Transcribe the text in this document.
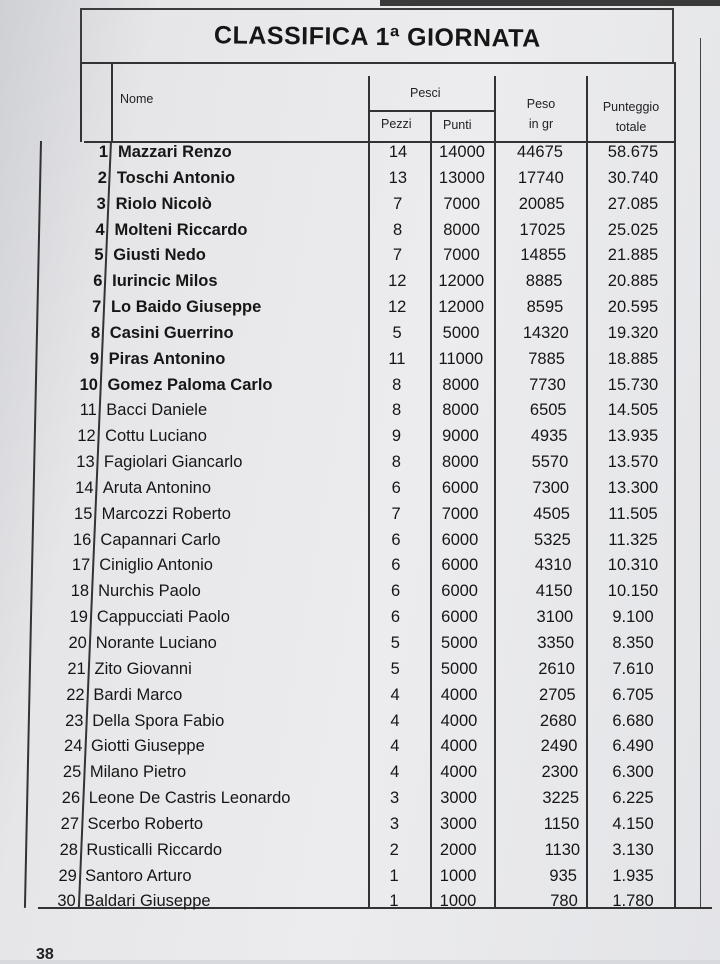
CLASSIFICA 1ª GIORNATA
Nome	Pesci
Pezzi	Punti
Peso
in gr
Punteggio
totale
1 Mazzari Renzo	14	14000	44675	58.675
2 Toschi Antonio	13	13000	17740	30.740
3 Riolo Nicolò	7	7000	20085	27.085
4 Molteni Riccardo	8	8000	17025	25.025
5 Giusti Nedo	7	7000	14855	21.885
6 Iurincic Milos	12	12000	8885	20.885
7 Lo Baido Giuseppe	12	12000	8595	20.595
8 Casini Guerrino	5	5000	14320	19.320
9 Piras Antonino	11	11000	7885	18.885
10 Gomez Paloma Carlo	8	8000	7730	15.730
11 Bacci Daniele	8	8000	6505	14.505
12 Cottu Luciano	9	9000	4935	13.935
13 Fagiolari Giancarlo	8	8000	5570	13.570
14 Aruta Antonino	6	6000	7300	13.300
15 Marcozzi Roberto	7	7000	4505	11.505
16 Capannari Carlo	6	6000	5325	11.325
17 Ciniglio Antonio	6	6000	4310	10.310
18 Nurchis Paolo	6	6000	4150	10.150
19 Cappucciati Paolo	6	6000	3100	9.100
20 Norante Luciano	5	5000	3350	8.350
21 Zito Giovanni	5	5000	2610	7.610
22 Bardi Marco	4	4000	2705	6.705
23 Della Spora Fabio	4	4000	2680	6.680
24 Giotti Giuseppe	4	4000	2490	6.490
25 Milano Pietro	4	4000	2300	6.300
26 Leone De Castris Leonardo	3	3000	3225	6.225
27 Scerbo Roberto	3	3000	1150	4.150
28 Rusticalli Riccardo	2	2000	1130	3.130
29 Santoro Arturo	1	1000	935	1.935
30 Baldari Giuseppe	1	1000	780	1.780
38
